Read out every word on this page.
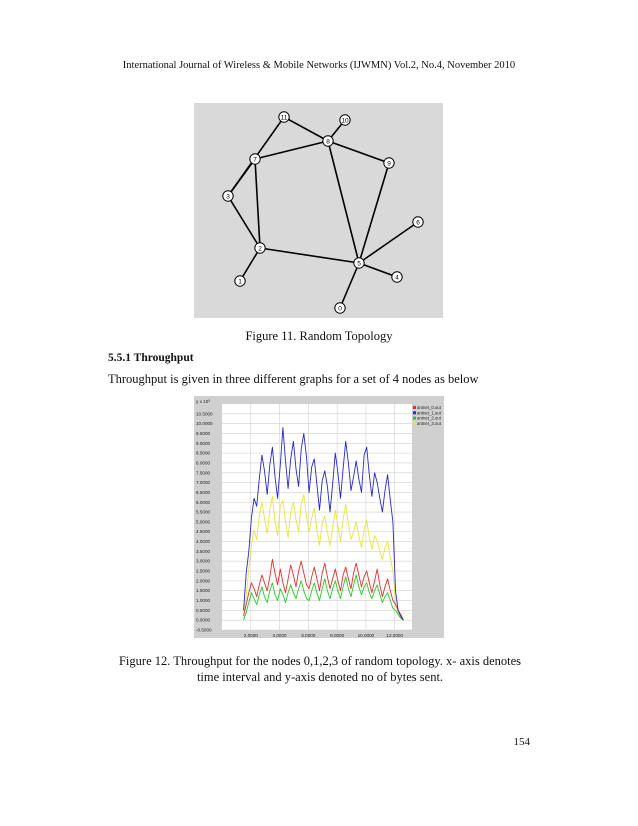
International Journal of Wireless & Mobile Networks (IJWMN) Vol.2, No.4, November 2010
11	10
8
7
9
3
6
2
5
4
1
0
Figure 11. Random Topology
5.5.1 Throughput
Throughput is given in three different graphs for a set of 4 nodes as below
-0.5000
0.0000
0.5000
1.0000
1.5000
2.0000
2.5000
3.0000
3.5000
4.0000
4.5000
5.0000
5.5000
6.0000
6.5000
7.0000
7.5000
8.0000
8.5000
9.0000
9.5000
10.0000
10.5000
2.0000	4.0000	6.0000	8.0000	10.0000	12.0000
y x 10³
antnet_0.out
antnet_1.out
antnet_2.out
antnet_3.out
Figure 12. Throughput for the nodes 0,1,2,3 of random topology. x- axis denotes time interval and y-axis denoted no of bytes sent.
154
